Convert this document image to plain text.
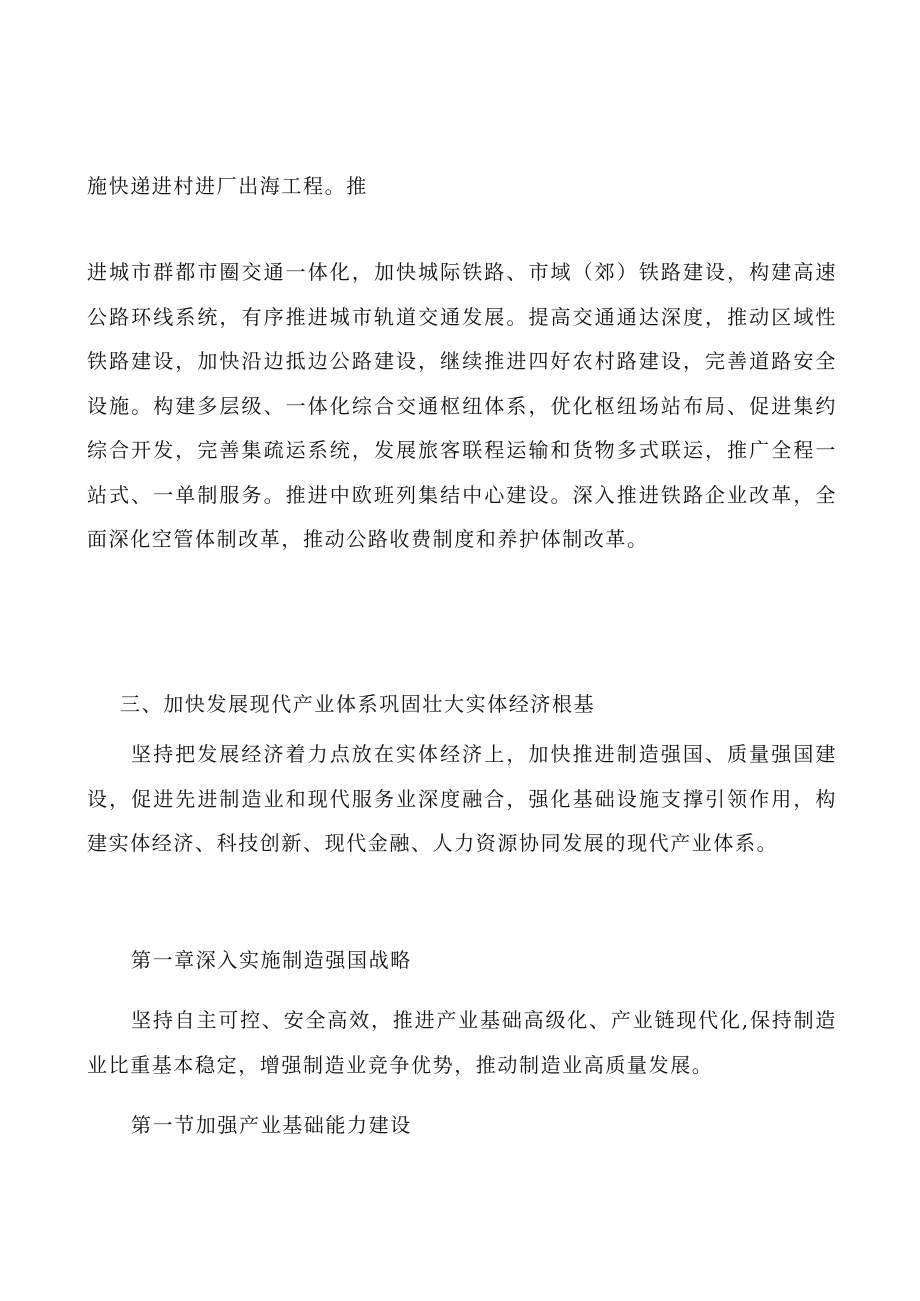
施快递进村进厂出海工程。推

进城市群都市圈交通一体化，加快城际铁路、市域（郊）铁路建设，构建高速公路环线系统，有序推进城市轨道交通发展。提高交通通达深度，推动区域性铁路建设，加快沿边抵边公路建设，继续推进四好农村路建设，完善道路安全设施。构建多层级、一体化综合交通枢纽体系，优化枢纽场站布局、促进集约综合开发，完善集疏运系统，发展旅客联程运输和货物多式联运，推广全程一站式、一单制服务。推进中欧班列集结中心建设。深入推进铁路企业改革，全面深化空管体制改革，推动公路收费制度和养护体制改革。

三、加快发展现代产业体系巩固壮大实体经济根基

坚持把发展经济着力点放在实体经济上，加快推进制造强国、质量强国建设，促进先进制造业和现代服务业深度融合，强化基础设施支撑引领作用，构建实体经济、科技创新、现代金融、人力资源协同发展的现代产业体系。

第一章深入实施制造强国战略

坚持自主可控、安全高效，推进产业基础高级化、产业链现代化,保持制造业比重基本稳定，增强制造业竞争优势，推动制造业高质量发展。

第一节加强产业基础能力建设
